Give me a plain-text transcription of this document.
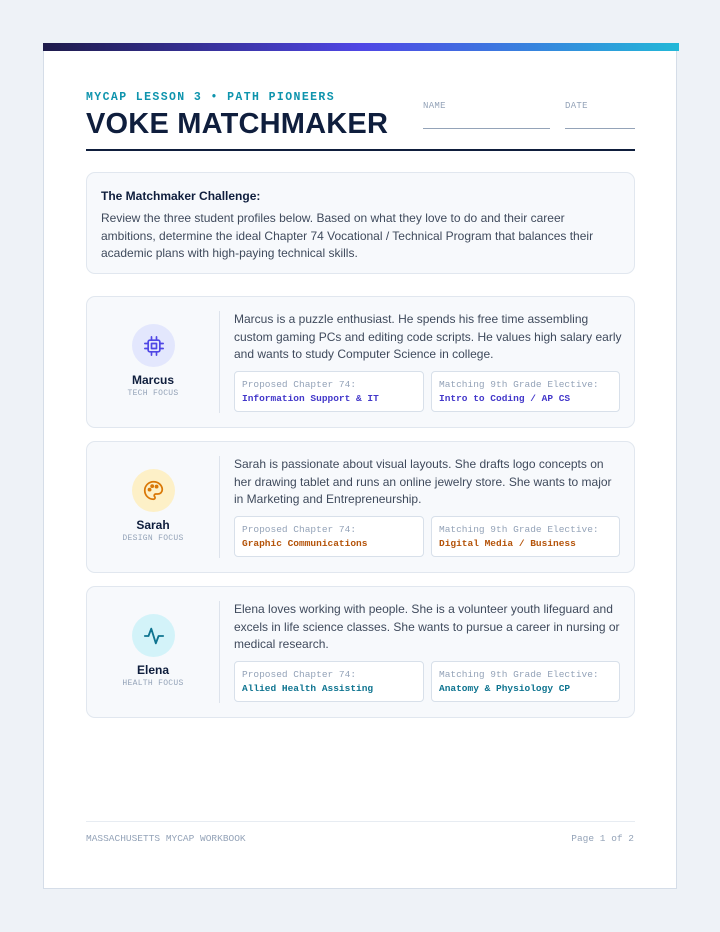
MYCAP LESSON 3 • PATH PIONEERS
VOKE MATCHMAKER
NAME	DATE
The Matchmaker Challenge:
Review the three student profiles below. Based on what they love to do and their career ambitions, determine the ideal Chapter 74 Vocational / Technical Program that balances their academic plans with high-paying technical skills.
Marcus
TECH FOCUS
Marcus is a puzzle enthusiast. He spends his free time assembling custom gaming PCs and editing code scripts. He values high salary early and wants to study Computer Science in college.
Proposed Chapter 74:
Information Support & IT
Matching 9th Grade Elective:
Intro to Coding / AP CS
Sarah
DESIGN FOCUS
Sarah is passionate about visual layouts. She drafts logo concepts on her drawing tablet and runs an online jewelry store. She wants to major in Marketing and Entrepreneurship.
Proposed Chapter 74:
Graphic Communications
Matching 9th Grade Elective:
Digital Media / Business
Elena
HEALTH FOCUS
Elena loves working with people. She is a volunteer youth lifeguard and excels in life science classes. She wants to pursue a career in nursing or medical research.
Proposed Chapter 74:
Allied Health Assisting
Matching 9th Grade Elective:
Anatomy & Physiology CP
MASSACHUSETTS MYCAP WORKBOOK	Page 1 of 2
